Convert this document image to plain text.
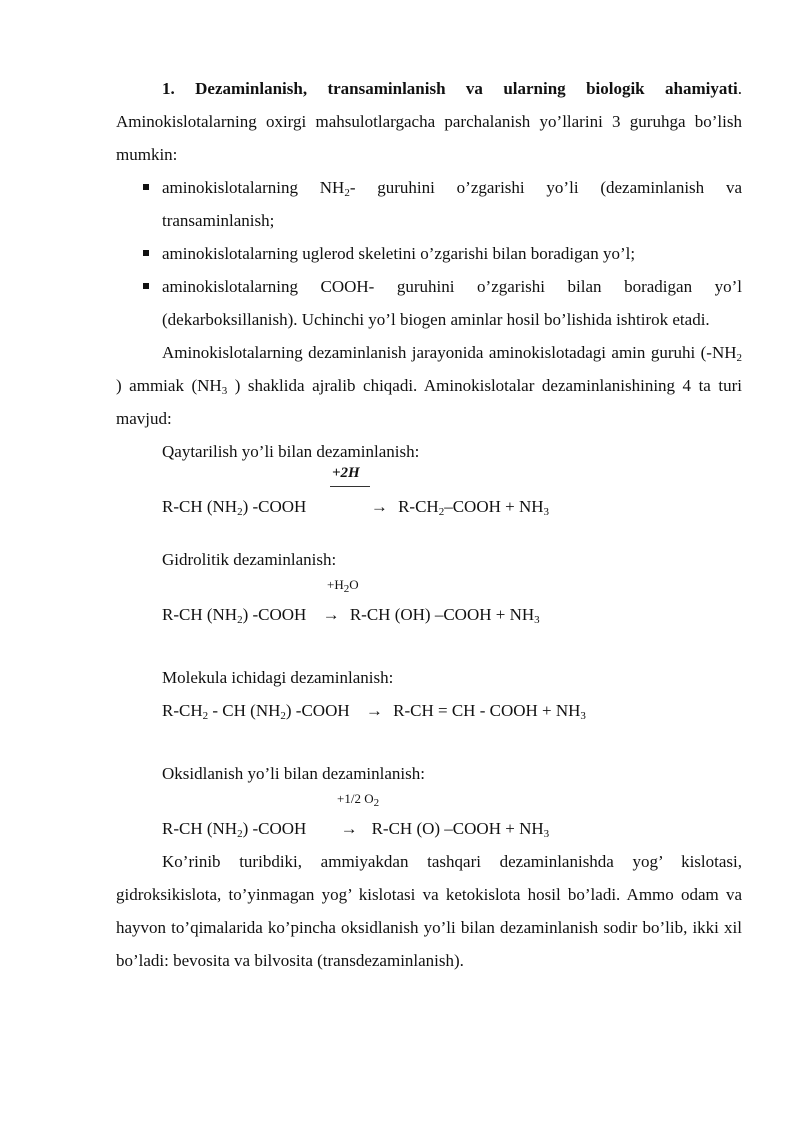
1. Dezaminlanish, transaminlanish va ularning biologik ahamiyati. Aminokislotalarning oxirgi mahsulotlargacha parchalanish yo’llarini 3 guruhga bo’lish mumkin:

aminokislotalarning $NH_2-$ guruhini o’zgarishi yo’li (dezaminlanish va transaminlanish;
aminokislotalarning uglerod skeletini o’zgarishi bilan boradigan yo’l;
aminokislotalarning COOH- guruhini o’zgarishi bilan boradigan yo’l (dekarboksillanish). Uchinchi yo’l biogen aminlar hosil bo’lishida ishtirok etadi.

Aminokislotalarning dezaminlanish jarayonida aminokislotadagi amin guruhi ($-NH_2$ ) ammiak ($NH_3$ ) shaklida ajralib chiqadi. Aminokislotalar dezaminlanishining 4 ta turi mavjud:

Qaytarilish yo’li bilan dezaminlanish:
+2H
R-CH $(NH_2)$ -COOH	→ $R-CH_2$–COOH + $NH_3$
Gidrolitik dezaminlanish:
$+H_2O$
R-CH $(NH_2)$ -COOH → R-CH (OH) –COOH + $NH_3$
Molekula ichidagi dezaminlanish:
$R-CH_2$ - CH $(NH_2)$ -COOH → R-CH = CH - COOH + $NH_3$
Oksidlanish yo’li bilan dezaminlanish:
+1/2 $O_2$
R-CH $(NH_2)$ -COOH → R-CH (O) –COOH + $NH_3$

Ko’rinib turibdiki, ammiyakdan tashqari dezaminlanishda yog’ kislotasi, gidroksikislota, to’yinmagan yog’ kislotasi va ketokislota hosil bo’ladi. Ammo odam va hayvon to’qimalarida ko’pincha oksidlanish yo’li bilan dezaminlanish sodir bo’lib, ikki xil bo’ladi: bevosita va bilvosita (transdezaminlanish).
